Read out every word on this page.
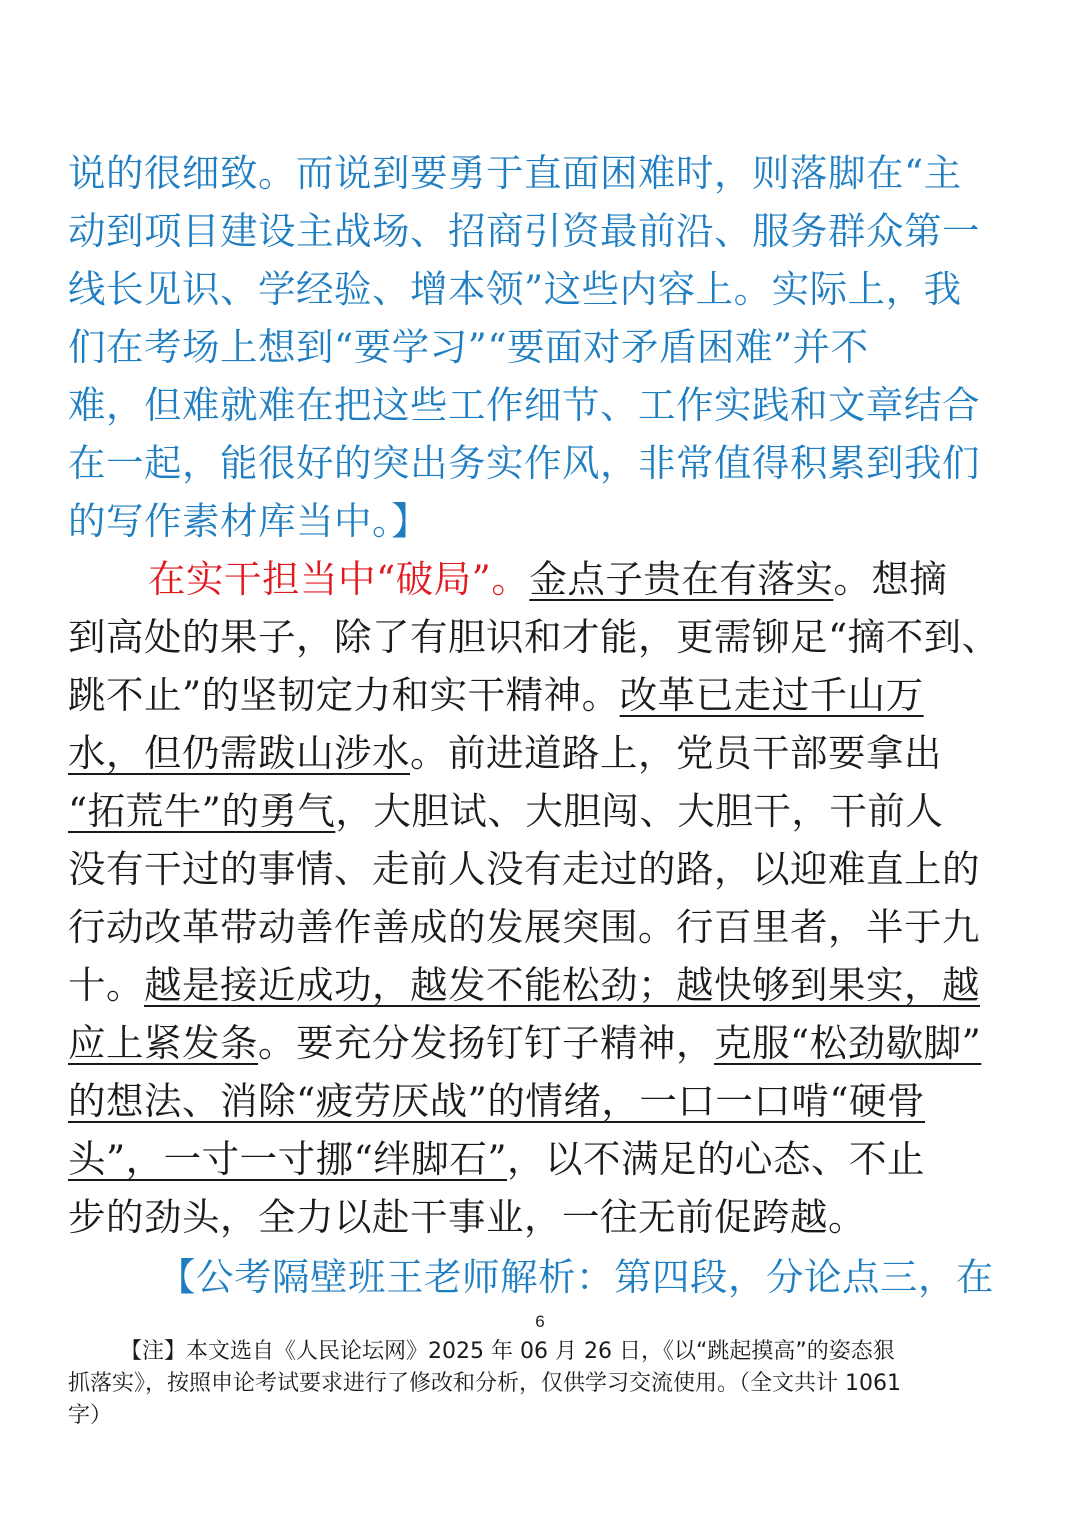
说的很细致。而说到要勇于直面困难时，则落脚在“主
动到项目建设主战场、招商引资最前沿、服务群众第一
线长见识、学经验、增本领”这些内容上。实际上，我
们在考场上想到“要学习”“要面对矛盾困难”并不
难，但难就难在把这些工作细节、工作实践和文章结合
在一起，能很好的突出务实作风，非常值得积累到我们
的写作素材库当中。】
在实干担当中“破局”。金点子贵在有落实。想摘
到高处的果子，除了有胆识和才能，更需铆足“摘不到、
跳不止”的坚韧定力和实干精神。改革已走过千山万
水，但仍需跋山涉水。前进道路上，党员干部要拿出
“拓荒牛”的勇气，大胆试、大胆闯、大胆干，干前人
没有干过的事情、走前人没有走过的路，以迎难直上的
行动改革带动善作善成的发展突围。行百里者，半于九
十。越是接近成功，越发不能松劲；越快够到果实，越
应上紧发条。要充分发扬钉钉子精神，克服“松劲歇脚”
的想法、消除“疲劳厌战”的情绪，一口一口啃“硬骨
头”，一寸一寸挪“绊脚石”，以不满足的心态、不止
步的劲头，全力以赴干事业，一往无前促跨越。
【公考隔壁班王老师解析：第四段，分论点三，在
6
【注】本文选自《人民论坛网》2025 年 06 月 26 日，《以“跳起摸高”的姿态狠
抓落实》，按照申论考试要求进行了修改和分析，仅供学习交流使用。（全文共计 1061
字）
